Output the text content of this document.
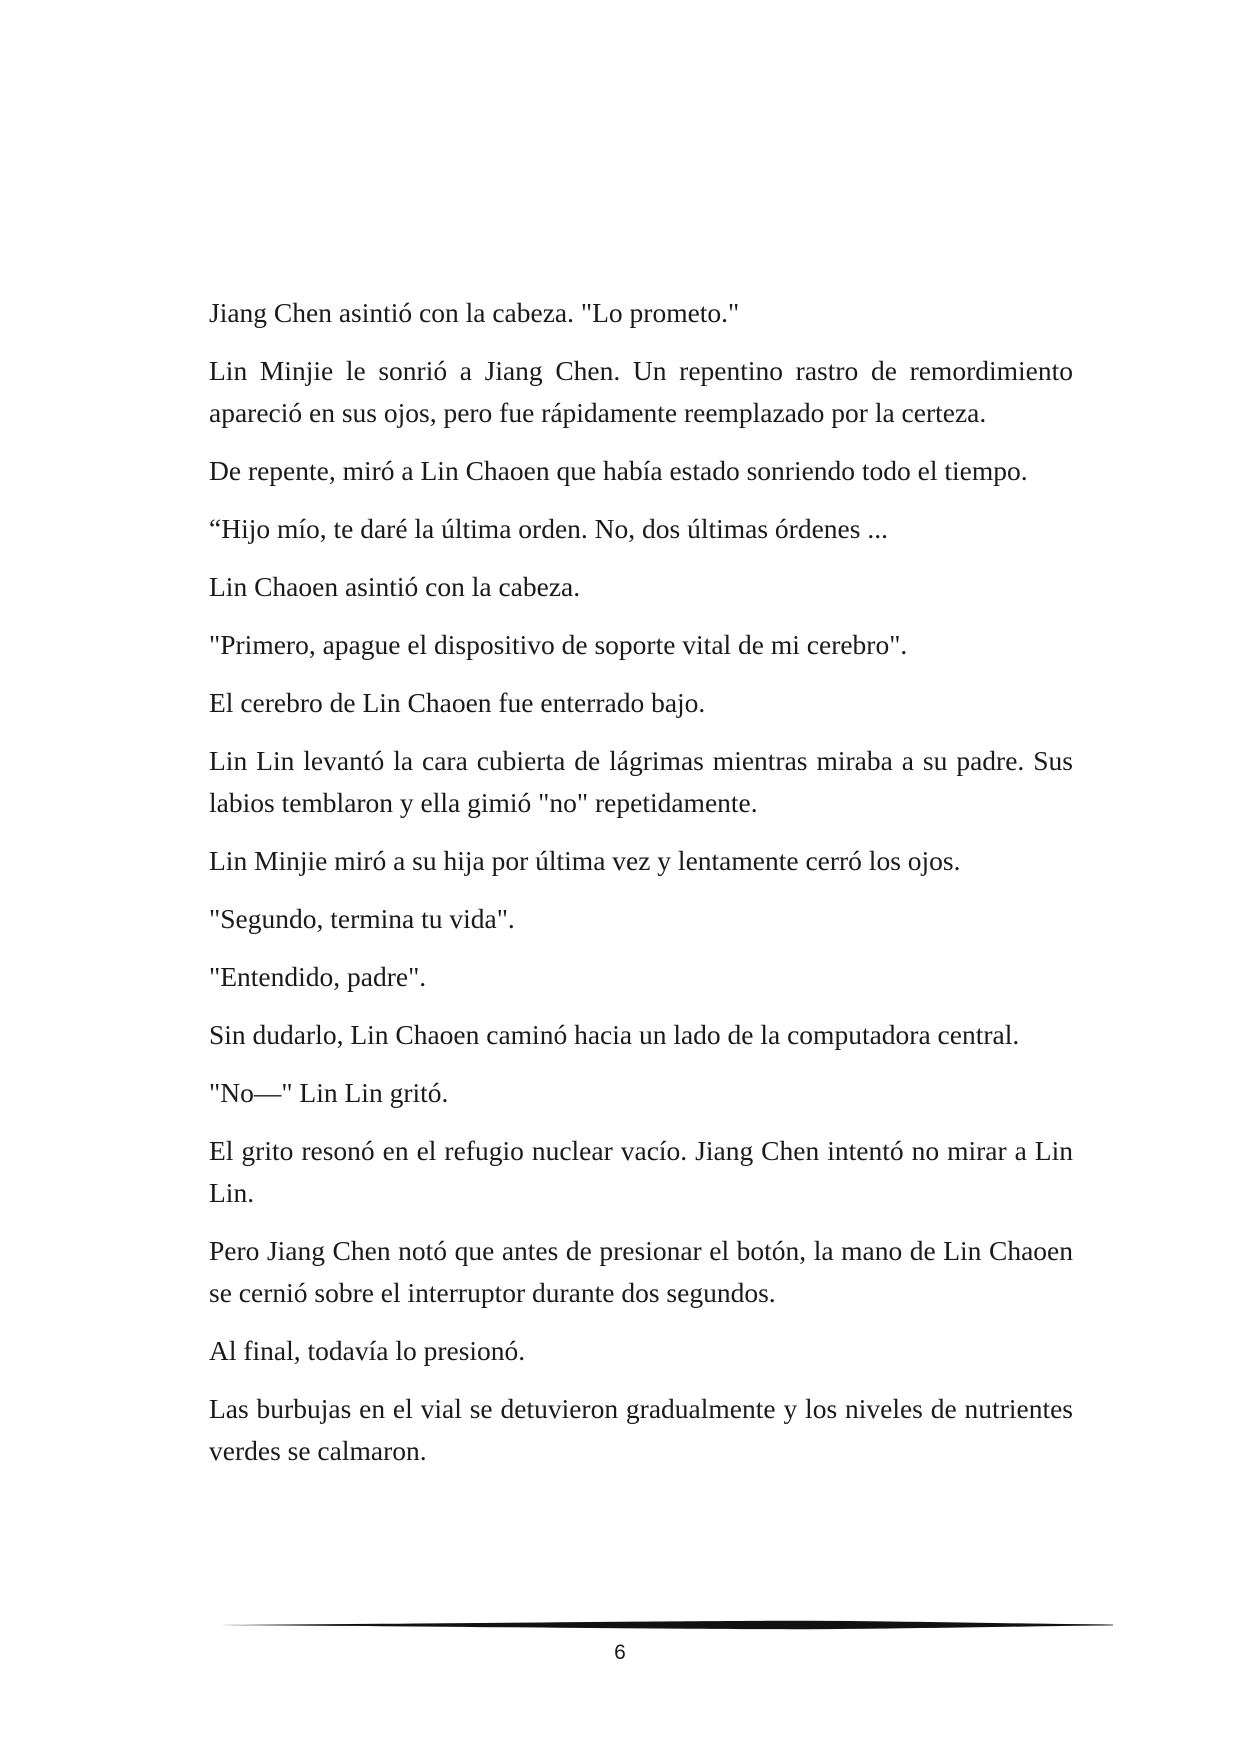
Jiang Chen asintió con la cabeza. "Lo prometo."

Lin Minjie le sonrió a Jiang Chen. Un repentino rastro de remordimiento apareció en sus ojos, pero fue rápidamente reemplazado por la certeza.

De repente, miró a Lin Chaoen que había estado sonriendo todo el tiempo.

“Hijo mío, te daré la última orden. No, dos últimas órdenes ...

Lin Chaoen asintió con la cabeza.

"Primero, apague el dispositivo de soporte vital de mi cerebro".

El cerebro de Lin Chaoen fue enterrado bajo.

Lin Lin levantó la cara cubierta de lágrimas mientras miraba a su padre. Sus labios temblaron y ella gimió "no" repetidamente.

Lin Minjie miró a su hija por última vez y lentamente cerró los ojos.

"Segundo, termina tu vida".

"Entendido, padre".

Sin dudarlo, Lin Chaoen caminó hacia un lado de la computadora central.

"No—" Lin Lin gritó.

El grito resonó en el refugio nuclear vacío. Jiang Chen intentó no mirar a Lin Lin.

Pero Jiang Chen notó que antes de presionar el botón, la mano de Lin Chaoen se cernió sobre el interruptor durante dos segundos.

Al final, todavía lo presionó.

Las burbujas en el vial se detuvieron gradualmente y los niveles de nutrientes verdes se calmaron.

6
